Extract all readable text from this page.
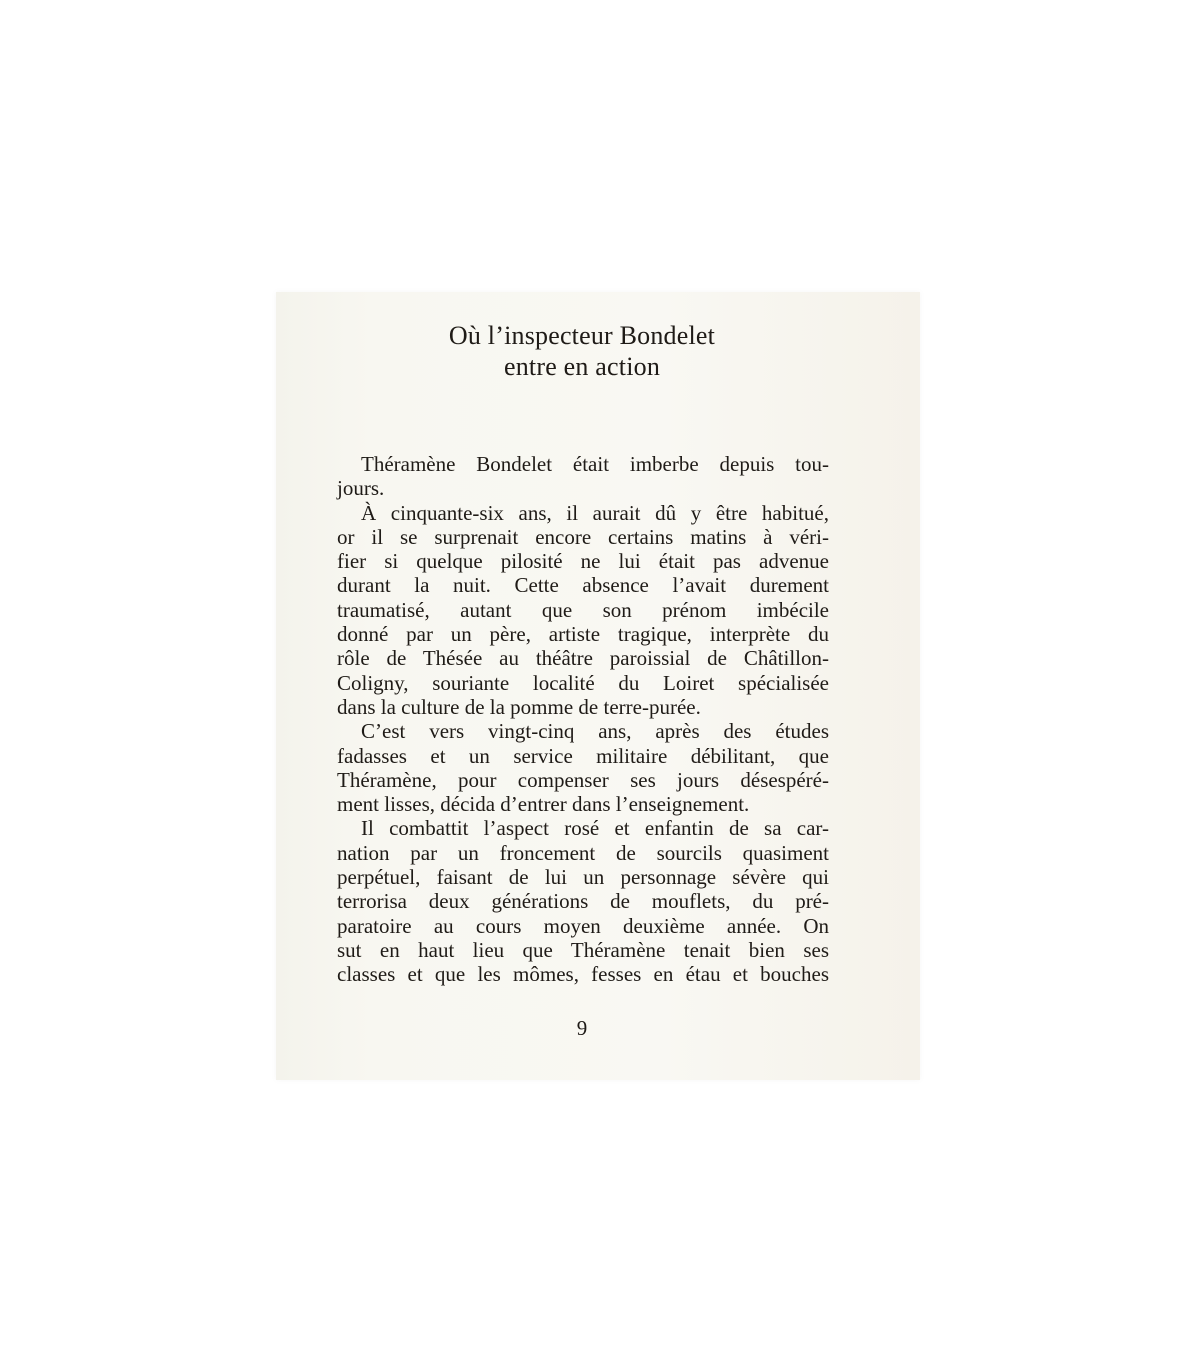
Où l’inspecteur Bondelet
entre en action
Théramène Bondelet était imberbe depuis tou-
jours.
À cinquante-six ans, il aurait dû y être habitué,
or il se surprenait encore certains matins à véri-
fier si quelque pilosité ne lui était pas advenue
durant la nuit. Cette absence l’avait durement
traumatisé, autant que son prénom imbécile
donné par un père, artiste tragique, interprète du
rôle de Thésée au théâtre paroissial de Châtillon-
Coligny, souriante localité du Loiret spécialisée
dans la culture de la pomme de terre-purée.
C’est vers vingt-cinq ans, après des études
fadasses et un service militaire débilitant, que
Théramène, pour compenser ses jours désespéré-
ment lisses, décida d’entrer dans l’enseignement.
Il combattit l’aspect rosé et enfantin de sa car-
nation par un froncement de sourcils quasiment
perpétuel, faisant de lui un personnage sévère qui
terrorisa deux générations de mouflets, du pré-
paratoire au cours moyen deuxième année. On
sut en haut lieu que Théramène tenait bien ses
classes et que les mômes, fesses en étau et bouches
9
